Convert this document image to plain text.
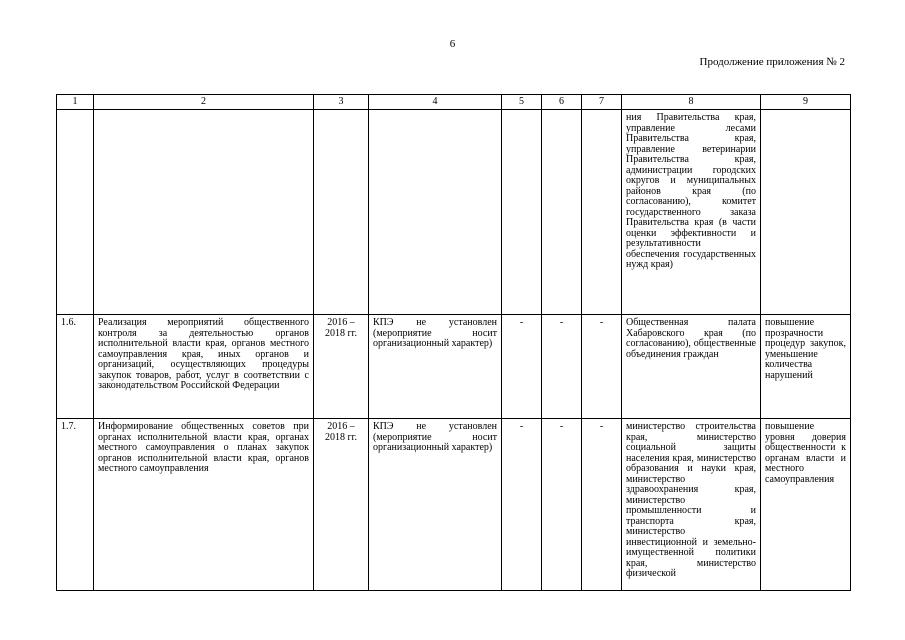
6
Продолжение приложения № 2
1	2	3	4	5	6	7	8	9
							ния Правительства края, управление лесами Правительства края, управление ветеринарии Правительства края, администрации городских округов и муниципальных районов края (по согласованию), комитет государственного заказа Правительства края (в части оценки эффективности и результативности обеспечения государственных нужд края)	
1.6.	Реализация мероприятий общественного контроля за деятельностью органов исполнительной власти края, органов местного самоуправления края, иных органов и организаций, осуществляющих процедуры закупок товаров, работ, услуг в соответствии с законодательством Российской Федерации	2016 – 2018 гг.	КПЭ не установлен (мероприятие носит организационный характер)	-	-	-	Общественная палата Хабаровского края (по согласованию), общественные объединения граждан	повышение прозрачности процедур закупок, уменьшение количества нарушений
1.7.	Информирование общественных советов при органах исполнительной власти края, органах местного самоуправления о планах закупок органов исполнительной власти края, органов местного самоуправления	2016 – 2018 гг.	КПЭ не установлен (мероприятие носит организационный характер)	-	-	-	министерство строительства края, министерство социальной защиты населения края, министерство образования и науки края, министерство здравоохранения края, министерство промышленности и транспорта края, министерство инвестиционной и земельно-имущественной политики края, министерство физической	повышение уровня доверия общественности к органам власти и местного самоуправления
